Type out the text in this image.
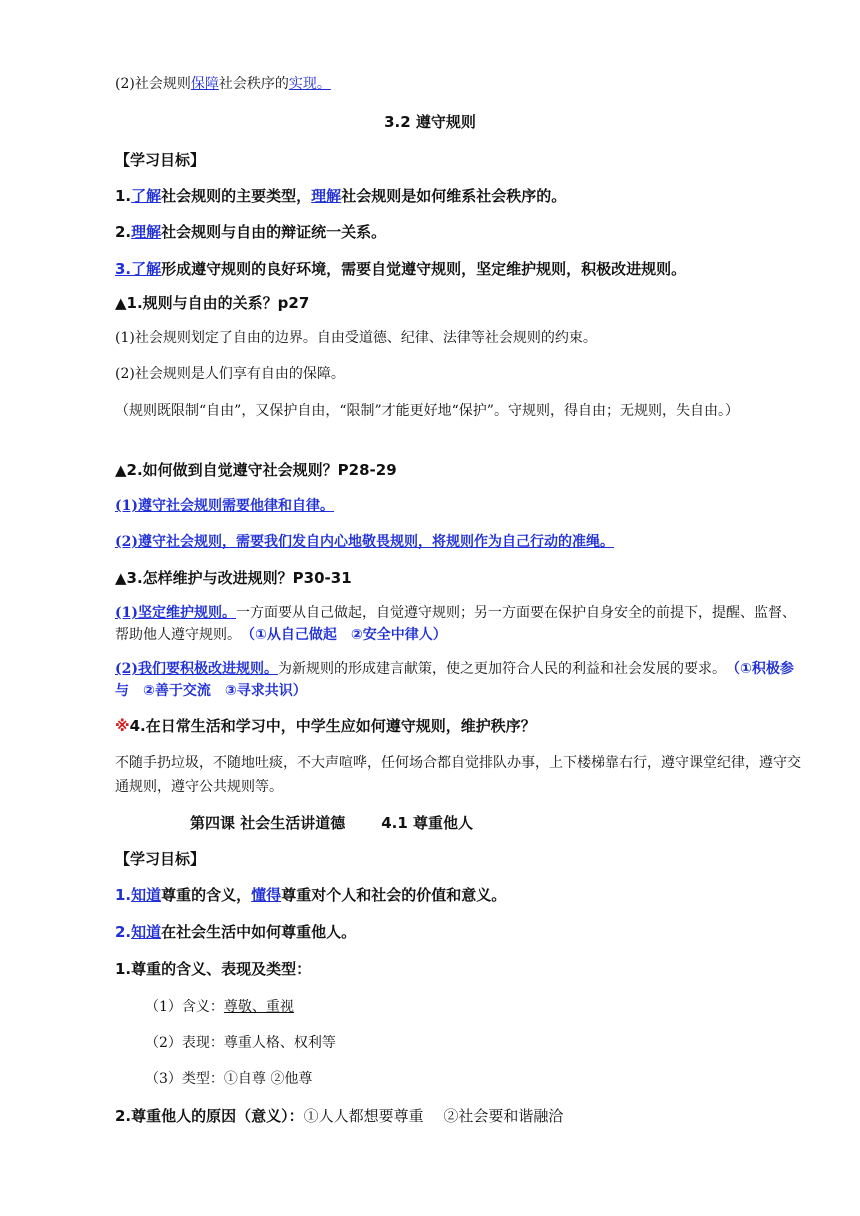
(2)社会规则保障社会秩序的实现。
3.2 遵守规则
【学习目标】
1.了解社会规则的主要类型，理解社会规则是如何维系社会秩序的。
2.理解社会规则与自由的辩证统一关系。
3.了解形成遵守规则的良好环境，需要自觉遵守规则，坚定维护规则，积极改进规则。
▲1.规则与自由的关系？p27
(1)社会规则划定了自由的边界。自由受道德、纪律、法律等社会规则的约束。
(2)社会规则是人们享有自由的保障。
（规则既限制“自由”，又保护自由，“限制”才能更好地“保护”。守规则，得自由；无规则，失自由。）
▲2.如何做到自觉遵守社会规则？P28-29
(1)遵守社会规则需要他律和自律。
(2)遵守社会规则，需要我们发自内心地敬畏规则，将规则作为自己行动的准绳。
▲3.怎样维护与改进规则？P30-31
(1)坚定维护规则。一方面要从自己做起，自觉遵守规则；另一方面要在保护自身安全的前提下，提醒、监督、帮助他人遵守规则。　 （①从自己做起　②安全中律人）
(2)我们要积极改进规则。为新规则的形成建言献策，使之更加符合人民的利益和社会发展的要求。　 （①积极参与　②善于交流　③寻求共识）
※4.在日常生活和学习中，中学生应如何遵守规则，维护秩序？
不随手扔垃圾，不随地吐痰，不大声喧哗，任何场合都自觉排队办事，上下楼梯靠右行，遵守课堂纪律，遵守交通规则，遵守公共规则等。
第四课 社会生活讲道德 4.1 尊重他人
【学习目标】
1.知道尊重的含义，懂得尊重对个人和社会的价值和意义。
2.知道在社会生活中如何尊重他人。
1.尊重的含义、表现及类型：
（1）含义：尊敬、重视
（2）表现：尊重人格、权利等
（3）类型：①自尊 ②他尊
2.尊重他人的原因（意义）：①人人都想要尊重　 ②社会要和谐融洽
